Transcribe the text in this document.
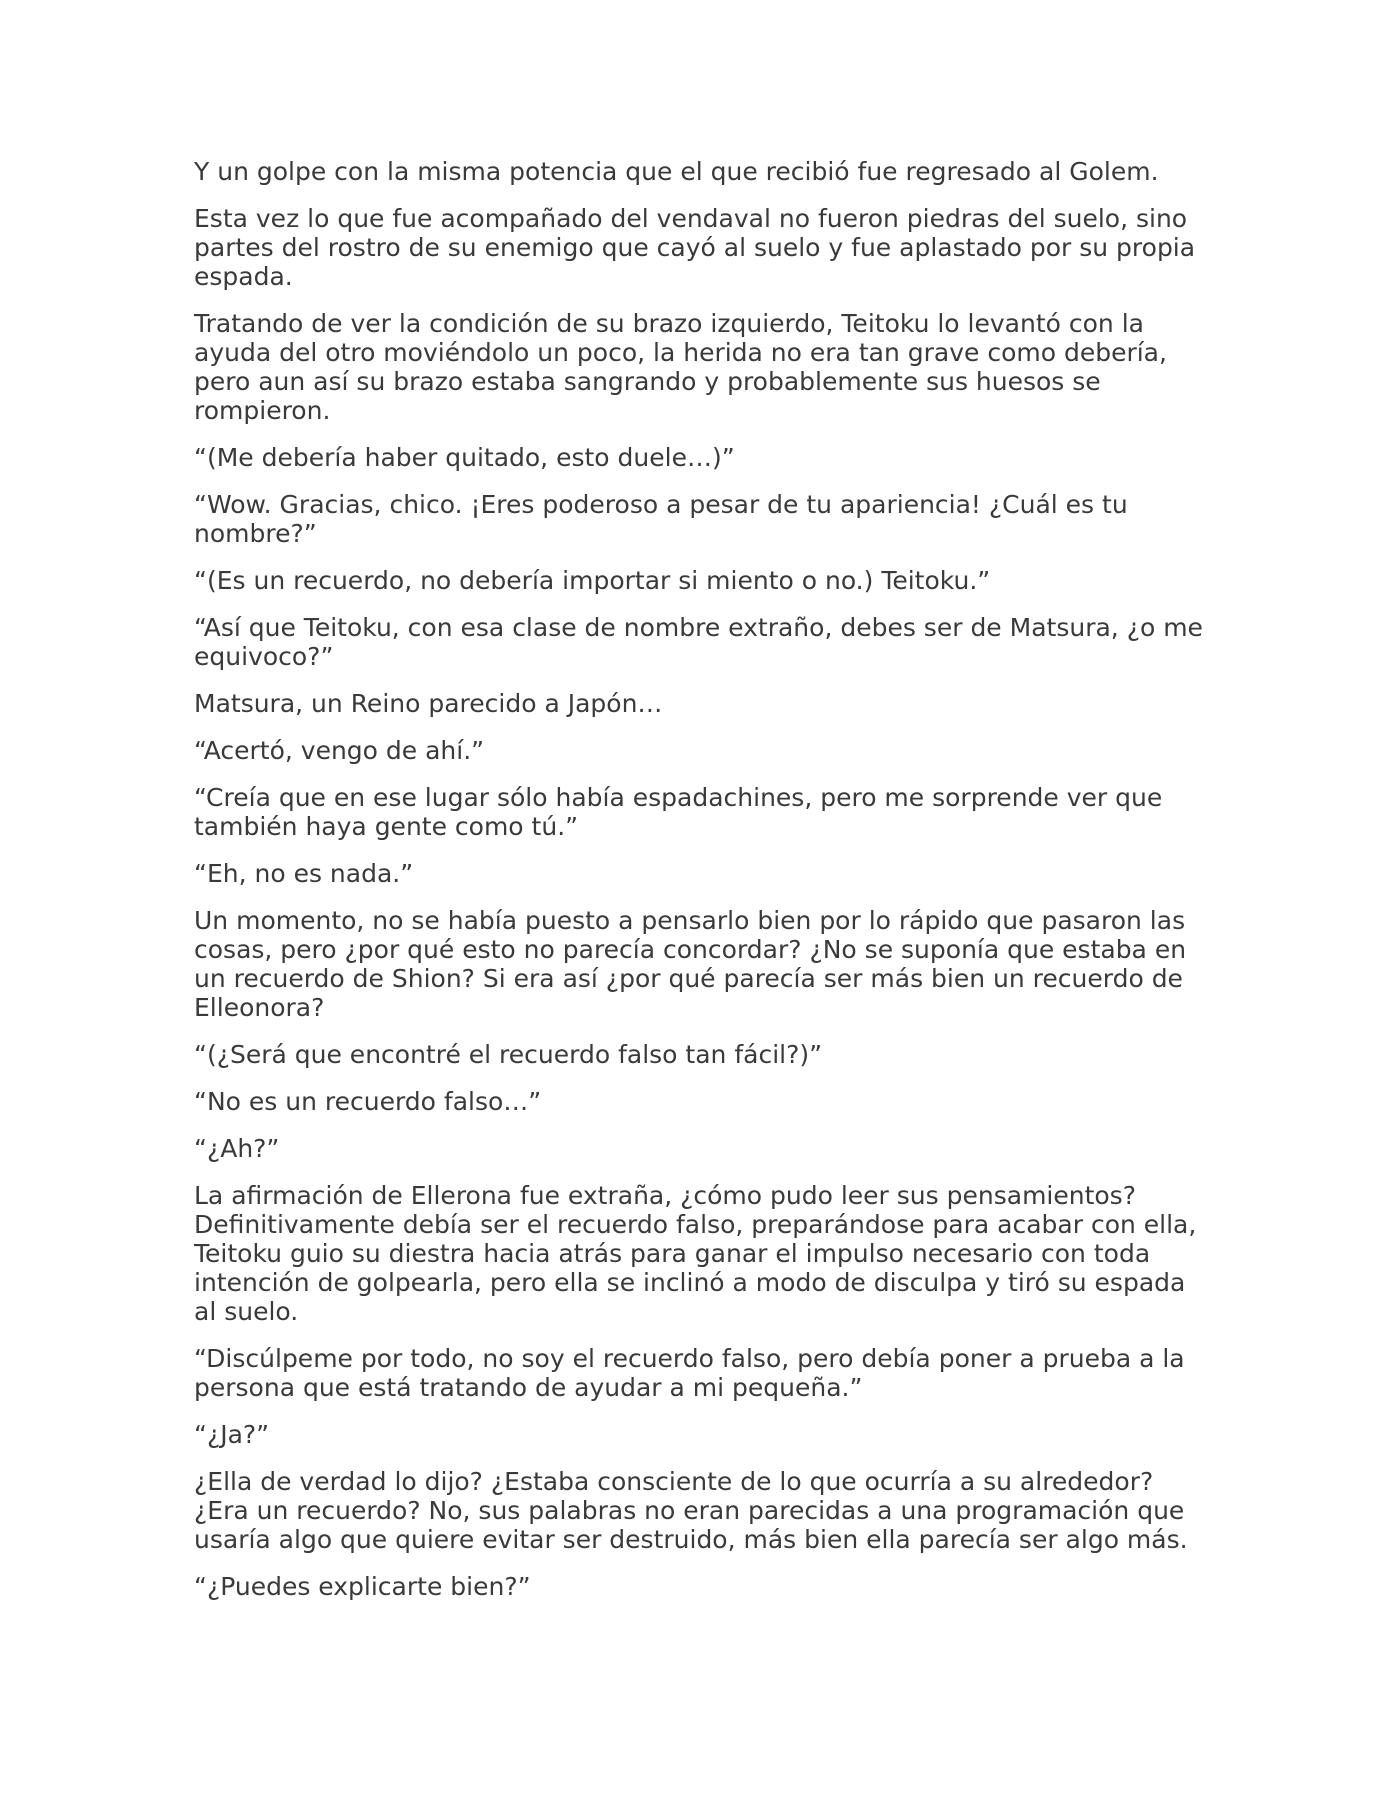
Y un golpe con la misma potencia que el que recibió fue regresado al Golem.

Esta vez lo que fue acompañado del vendaval no fueron piedras del suelo, sino partes del rostro de su enemigo que cayó al suelo y fue aplastado por su propia espada.

Tratando de ver la condición de su brazo izquierdo, Teitoku lo levantó con la ayuda del otro moviéndolo un poco, la herida no era tan grave como debería, pero aun así su brazo estaba sangrando y probablemente sus huesos se rompieron.

“(Me debería haber quitado, esto duele…)”

“Wow. Gracias, chico. ¡Eres poderoso a pesar de tu apariencia! ¿Cuál es tu nombre?”

“(Es un recuerdo, no debería importar si miento o no.) Teitoku.”

“Así que Teitoku, con esa clase de nombre extraño, debes ser de Matsura, ¿o me equivoco?”

Matsura, un Reino parecido a Japón…

“Acertó, vengo de ahí.”

“Creía que en ese lugar sólo había espadachines, pero me sorprende ver que también haya gente como tú.”

“Eh, no es nada.”

Un momento, no se había puesto a pensarlo bien por lo rápido que pasaron las cosas, pero ¿por qué esto no parecía concordar? ¿No se suponía que estaba en un recuerdo de Shion? Si era así ¿por qué parecía ser más bien un recuerdo de Elleonora?

“(¿Será que encontré el recuerdo falso tan fácil?)”

“No es un recuerdo falso…”

“¿Ah?”

La afirmación de Ellerona fue extraña, ¿cómo pudo leer sus pensamientos? Definitivamente debía ser el recuerdo falso, preparándose para acabar con ella, Teitoku guio su diestra hacia atrás para ganar el impulso necesario con toda intención de golpearla, pero ella se inclinó a modo de disculpa y tiró su espada al suelo.

“Discúlpeme por todo, no soy el recuerdo falso, pero debía poner a prueba a la persona que está tratando de ayudar a mi pequeña.”

“¿Ja?”

¿Ella de verdad lo dijo? ¿Estaba consciente de lo que ocurría a su alrededor? ¿Era un recuerdo? No, sus palabras no eran parecidas a una programación que usaría algo que quiere evitar ser destruido, más bien ella parecía ser algo más.

“¿Puedes explicarte bien?”
